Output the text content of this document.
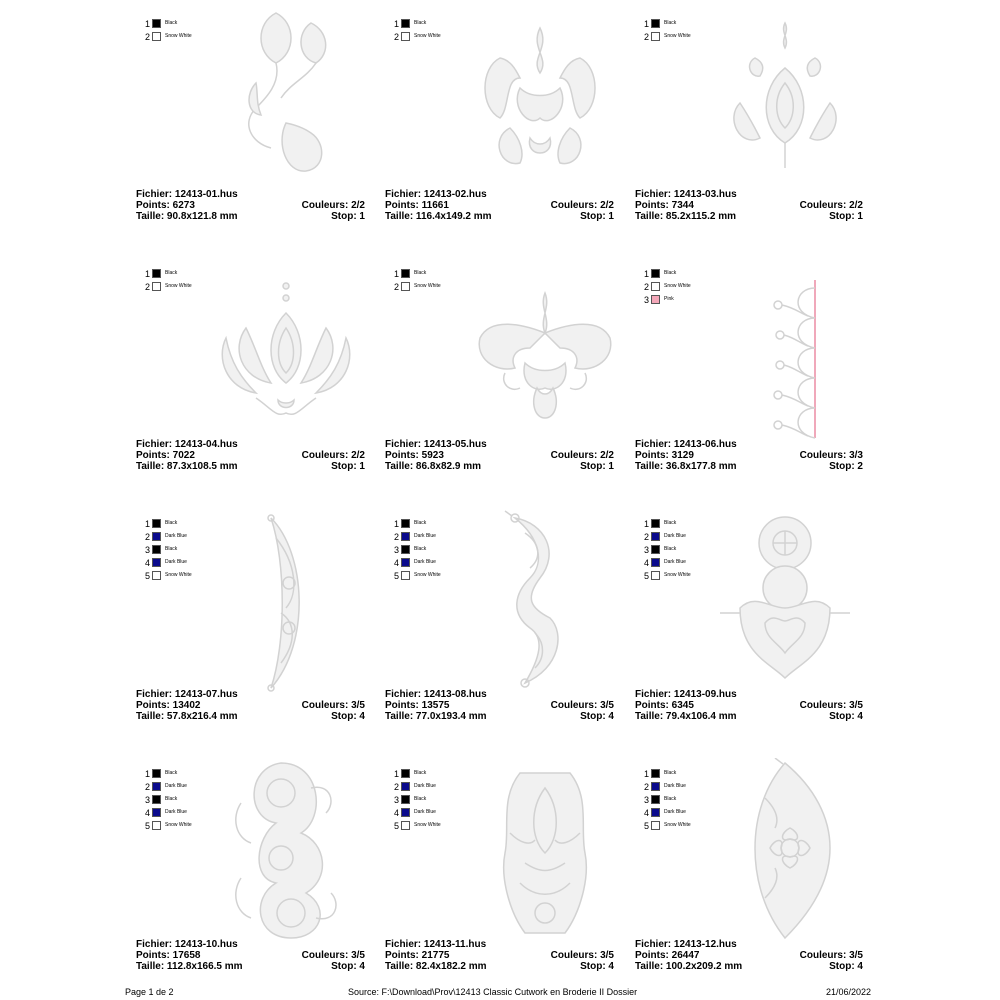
1	Black
2	Snow White
Fichier: 12413-01.hus
Points: 6273
Taille: 90.8x121.8 mm
Couleurs: 2/2
Stop: 1
1	Black
2	Snow White
Fichier: 12413-02.hus
Points: 11661
Taille: 116.4x149.2 mm
Couleurs: 2/2
Stop: 1
1	Black
2	Snow White
Fichier: 12413-03.hus
Points: 7344
Taille: 85.2x115.2 mm
Couleurs: 2/2
Stop: 1
1	Black
2	Snow White
Fichier: 12413-04.hus
Points: 7022
Taille: 87.3x108.5 mm
Couleurs: 2/2
Stop: 1
1	Black
2	Snow White
Fichier: 12413-05.hus
Points: 5923
Taille: 86.8x82.9 mm
Couleurs: 2/2
Stop: 1
1	Black
2	Snow White
3	Pink
Fichier: 12413-06.hus
Points: 3129
Taille: 36.8x177.8 mm
Couleurs: 3/3
Stop: 2
1	Black
2	Dark Blue
3	Black
4	Dark Blue
5	Snow White
Fichier: 12413-07.hus
Points: 13402
Taille: 57.8x216.4 mm
Couleurs: 3/5
Stop: 4
1	Black
2	Dark Blue
3	Black
4	Dark Blue
5	Snow White
Fichier: 12413-08.hus
Points: 13575
Taille: 77.0x193.4 mm
Couleurs: 3/5
Stop: 4
1	Black
2	Dark Blue
3	Black
4	Dark Blue
5	Snow White
Fichier: 12413-09.hus
Points: 6345
Taille: 79.4x106.4 mm
Couleurs: 3/5
Stop: 4
1	Black
2	Dark Blue
3	Black
4	Dark Blue
5	Snow White
Fichier: 12413-10.hus
Points: 17658
Taille: 112.8x166.5 mm
Couleurs: 3/5
Stop: 4
1	Black
2	Dark Blue
3	Black
4	Dark Blue
5	Snow White
Fichier: 12413-11.hus
Points: 21775
Taille: 82.4x182.2 mm
Couleurs: 3/5
Stop: 4
1	Black
2	Dark Blue
3	Black
4	Dark Blue
5	Snow White
Fichier: 12413-12.hus
Points: 26447
Taille: 100.2x209.2 mm
Couleurs: 3/5
Stop: 4
Page 1 de 2	Source: F:\Download\Prov\12413 Classic Cutwork en Broderie II Dossier	21/06/2022
